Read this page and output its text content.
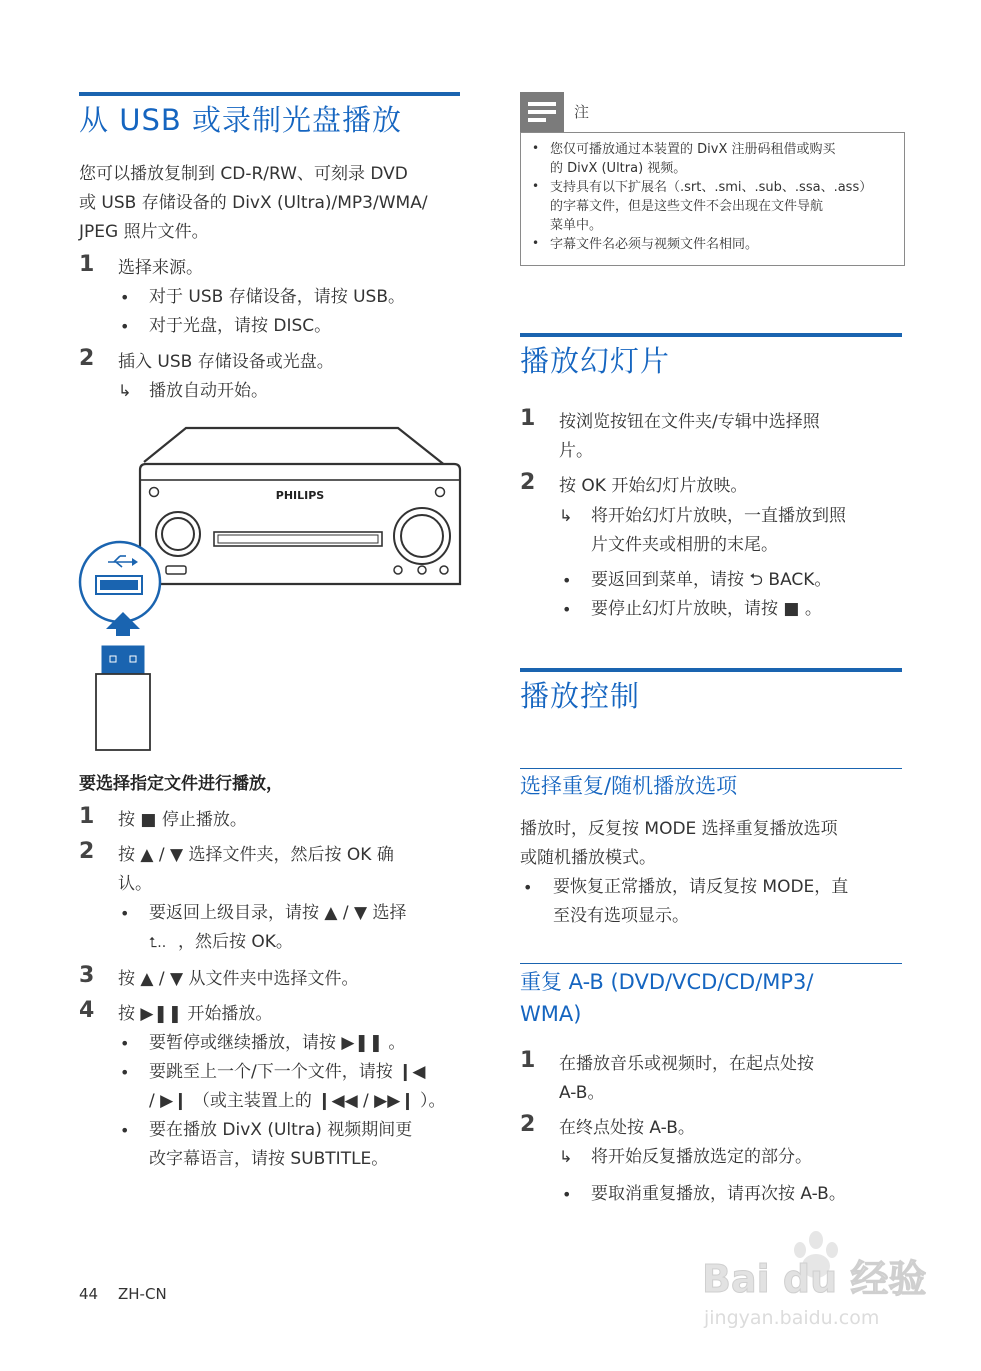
从 USB 或录制光盘播放
您可以播放复制到 CD-R/RW、可刻录 DVD
或 USB 存储设备的 DivX (Ultra)/MP3/WMA/
JPEG 照片文件。
1 选择来源。
• 对于 USB 存储设备，请按 USB。
• 对于光盘，请按 DISC。
2 插入 USB 存储设备或光盘。
↳ 播放自动开始。
PHILIPS
要选择指定文件进行播放，
1 按 ■ 停止播放。
2 按 ▲ / ▼ 选择文件夹，然后按 OK 确
认。
• 要返回上级目录，请按 ▲ / ▼ 选择
⮤.. ，然后按 OK。
3 按 ▲ / ▼ 从文件夹中选择文件。
4 按 ▶❚❚ 开始播放。
• 要暂停或继续播放，请按 ▶❚❚ 。
• 要跳至上一个/下一个文件，请按 ❙◀
/ ▶❙ （或主装置上的 ❙◀◀ / ▶▶❙ ）。
• 要在播放 DivX (Ultra) 视频期间更
改字幕语言，请按 SUBTITLE。
44 ZH-CN
注
• 您仅可播放通过本装置的 DivX 注册码租借或购买
的 DivX (Ultra) 视频。
• 支持具有以下扩展名（.srt、.smi、.sub、.ssa、.ass）
的字幕文件，但是这些文件不会出现在文件导航
菜单中。
• 字幕文件名必须与视频文件名相同。
播放幻灯片
1 按浏览按钮在文件夹/专辑中选择照
片。
2 按 OK 开始幻灯片放映。
↳ 将开始幻灯片放映，一直播放到照
片文件夹或相册的末尾。
• 要返回到菜单，请按 ⮌ BACK。
• 要停止幻灯片放映，请按 ■ 。
播放控制
选择重复/随机播放选项
播放时，反复按 MODE 选择重复播放选项
或随机播放模式。
• 要恢复正常播放，请反复按 MODE，直
至没有选项显示。
重复 A-B (DVD/VCD/CD/MP3/
WMA)
1 在播放音乐或视频时，在起点处按
A-B。
2 在终点处按 A-B。
↳ 将开始反复播放选定的部分。
• 要取消重复播放，请再次按 A-B。
Bai du 经验
jingyan.baidu.com
